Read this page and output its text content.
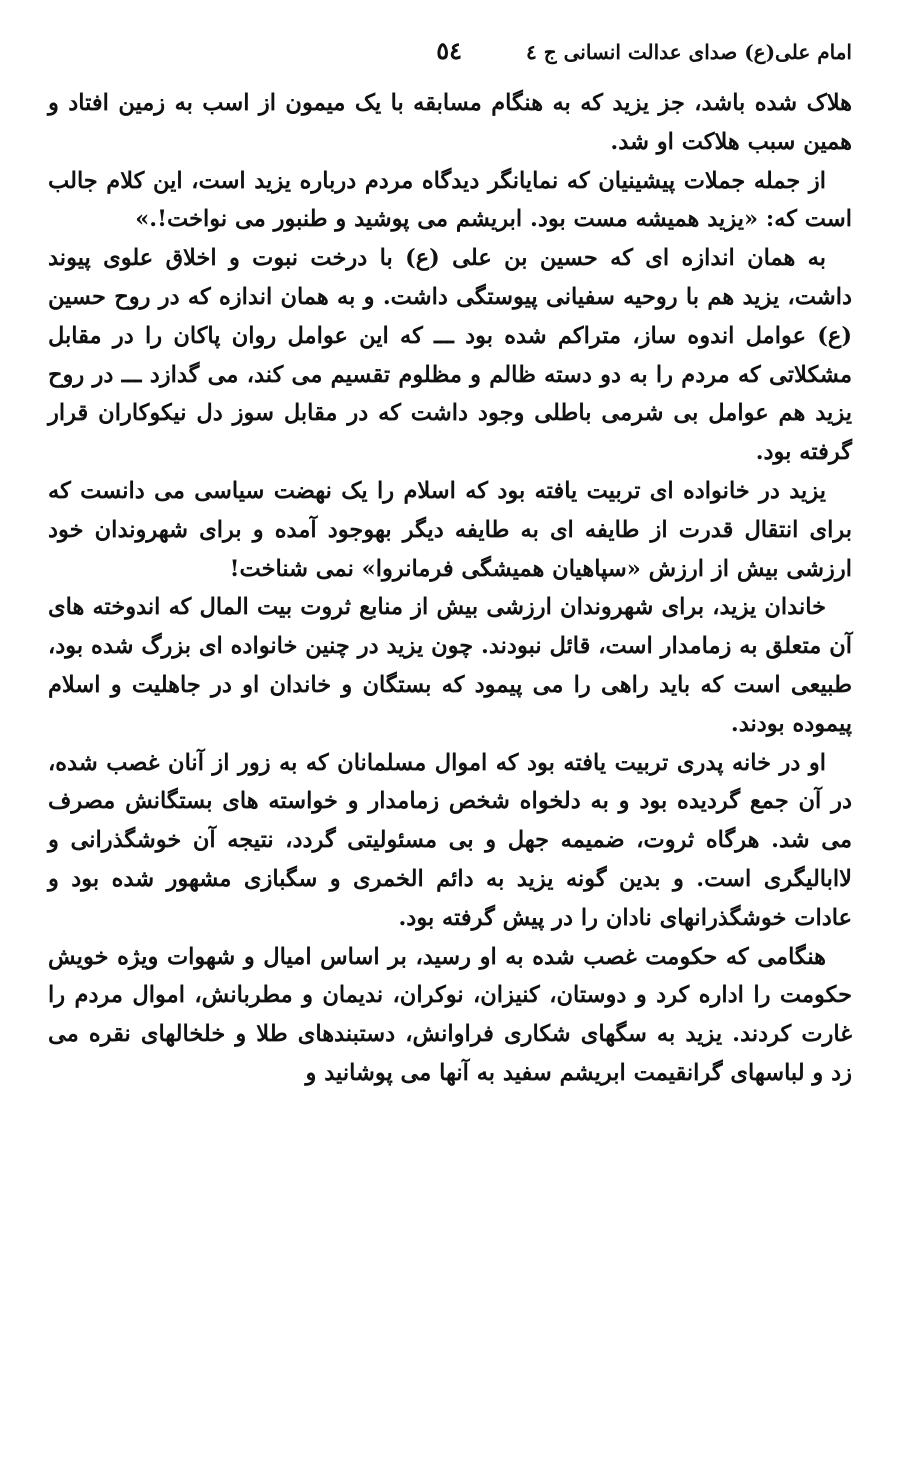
امام علی(ع) صدای عدالت انسانی ج ٤
٥٤

هلاک شده باشد، جز یزید که به هنگام مسابقه با یک میمون از اسب به زمین افتاد و همین سبب هلاکت او شد.

از جمله جملات پیشینیان که نمایانگر دیدگاه مردم درباره یزید است، این کلام جالب است که: «یزید همیشه مست بود. ابریشم می پوشید و طنبور می نواخت!.»

به همان اندازه ای که حسین بن علی (ع) با درخت نبوت و اخلاق علوی پیوند داشت، یزید هم با روحیه سفیانی پیوستگی داشت. و به همان اندازه که در روح حسین (ع) عوامل اندوه ساز، متراکم شده بود ـــ که این عوامل روان پاکان را در مقابل مشکلاتی که مردم را به دو دسته ظالم و مظلوم تقسیم می کند، می گدازد ـــ در روح یزید هم عوامل بی شرمی باطلی وجود داشت که در مقابل سوز دل نیکوکاران قرار گرفته بود.

یزید در خانواده ای تربیت یافته بود که اسلام را یک نهضت سیاسی می دانست که برای انتقال قدرت از طایفه ای به طایفه دیگر بهوجود آمده و برای شهروندان خود ارزشی بیش از ارزش «سپاهیان همیشگی فرمانروا» نمی شناخت!

خاندان یزید، برای شهروندان ارزشی بیش از منابع ثروت بیت المال که اندوخته های آن متعلق به زمامدار است، قائل نبودند. چون یزید در چنین خانواده ای بزرگ شده بود، طبیعی است که باید راهی را می پیمود که بستگان و خاندان او در جاهلیت و اسلام پیموده بودند.

او در خانه پدری تربیت یافته بود که اموال مسلمانان که به زور از آنان غصب شده، در آن جمع گردیده بود و به دلخواه شخص زمامدار و خواسته های بستگانش مصرف می شد. هرگاه ثروت، ضمیمه جهل و بی مسئولیتی گردد، نتیجه آن خوشگذرانی و لاابالیگری است. و بدین گونه یزید به دائم الخمری و سگبازی مشهور شده بود و عادات خوشگذرانهای نادان را در پیش گرفته بود.

هنگامی که حکومت غصب شده به او رسید، بر اساس امیال و شهوات ویژه خویش حکومت را اداره کرد و دوستان، کنیزان، نوکران، ندیمان و مطربانش، اموال مردم را غارت کردند. یزید به سگهای شکاری فراوانش، دستبندهای طلا و خلخالهای نقره می زد و لباسهای گرانقیمت ابریشم سفید به آنها می پوشانید و
